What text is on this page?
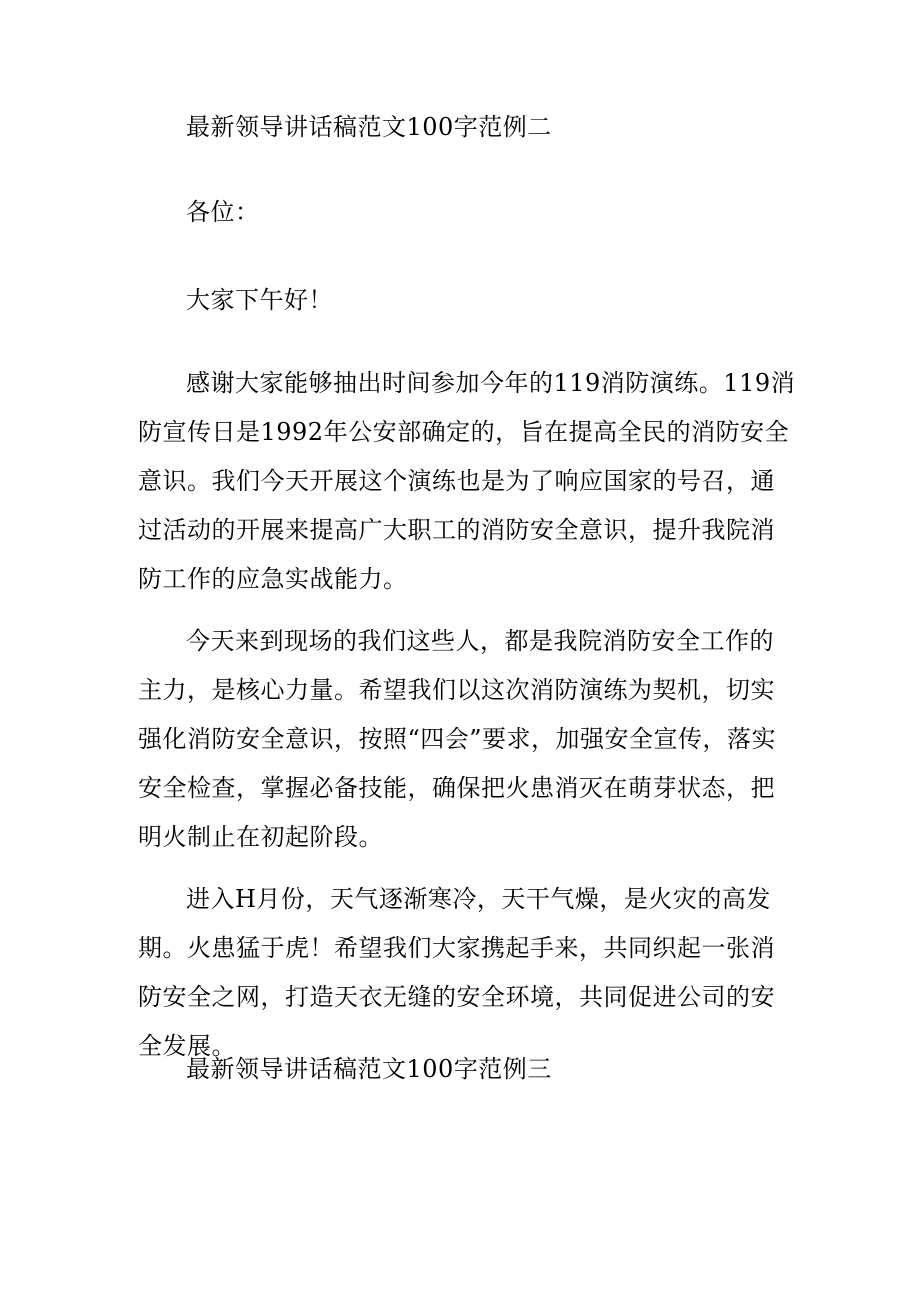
最新领导讲话稿范文100字范例二

各位：

大家下午好！

感谢大家能够抽出时间参加今年的119消防演练。119消防宣传日是1992年公安部确定的，旨在提高全民的消防安全意识。我们今天开展这个演练也是为了响应国家的号召，通过活动的开展来提高广大职工的消防安全意识，提升我院消防工作的应急实战能力。

今天来到现场的我们这些人，都是我院消防安全工作的主力，是核心力量。希望我们以这次消防演练为契机，切实强化消防安全意识，按照“四会”要求，加强安全宣传，落实安全检查，掌握必备技能，确保把火患消灭在萌芽状态，把明火制止在初起阶段。

进入H月份，天气逐渐寒冷，天干气燥，是火灾的高发期。火患猛于虎！希望我们大家携起手来，共同织起一张消防安全之网，打造天衣无缝的安全环境，共同促进公司的安全发展。

最新领导讲话稿范文100字范例三
